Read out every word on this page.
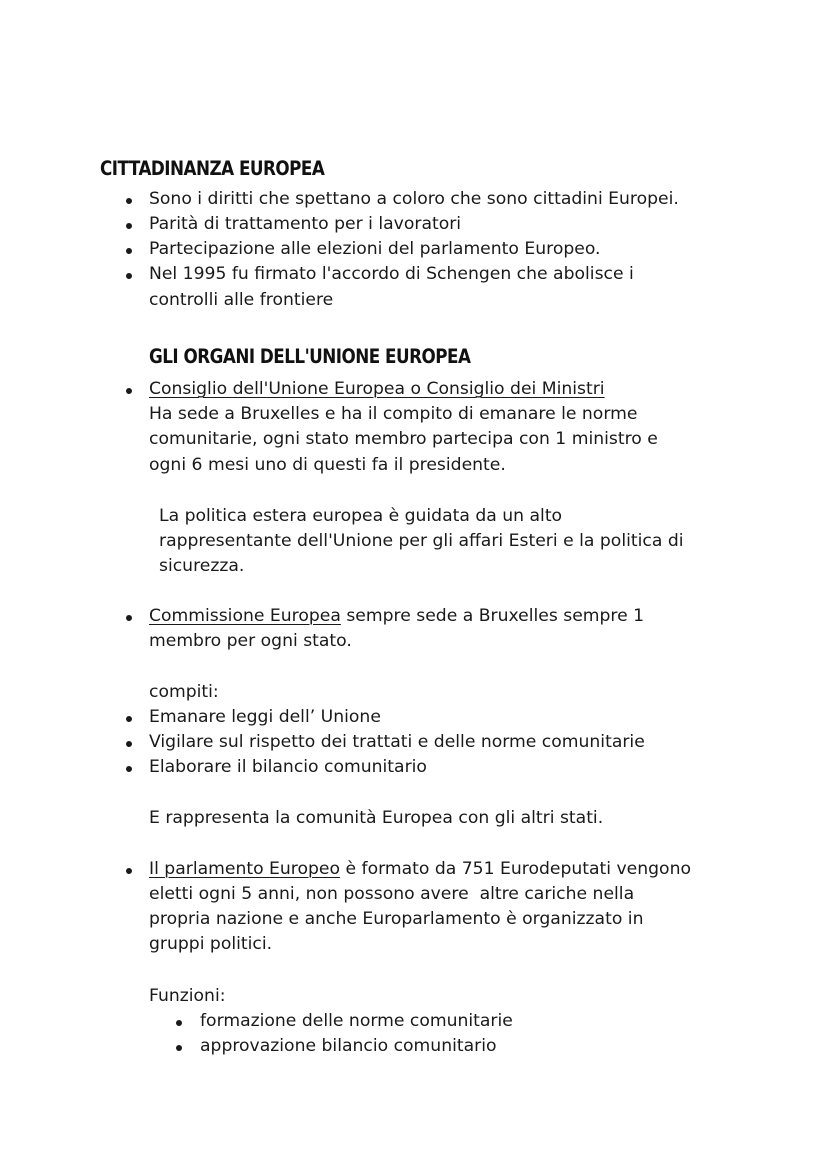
CITTADINANZA EUROPEA

Sono i diritti che spettano a coloro che sono cittadini Europei.

Parità di trattamento per i lavoratori

Partecipazione alle elezioni del parlamento Europeo.

Nel 1995 fu firmato l'accordo di Schengen che abolisce i

controlli alle frontiere

GLI ORGANI DELL'UNIONE EUROPEA

Consiglio dell'Unione Europea o Consiglio dei Ministri

Ha sede a Bruxelles e ha il compito di emanare le norme

comunitarie, ogni stato membro partecipa con 1 ministro e

ogni 6 mesi uno di questi fa il presidente.

La politica estera europea è guidata da un alto

rappresentante dell'Unione per gli affari Esteri e la politica di

sicurezza.

Commissione Europea sempre sede a Bruxelles sempre 1

membro per ogni stato.

compiti:

Emanare leggi dell’ Unione

Vigilare sul rispetto dei trattati e delle norme comunitarie

Elaborare il bilancio comunitario

E rappresenta la comunità Europea con gli altri stati.

Il parlamento Europeo è formato da 751 Eurodeputati vengono

eletti ogni 5 anni, non possono avere  altre cariche nella

propria nazione e anche Europarlamento è organizzato in

gruppi politici.

Funzioni:

formazione delle norme comunitarie

approvazione bilancio comunitario
